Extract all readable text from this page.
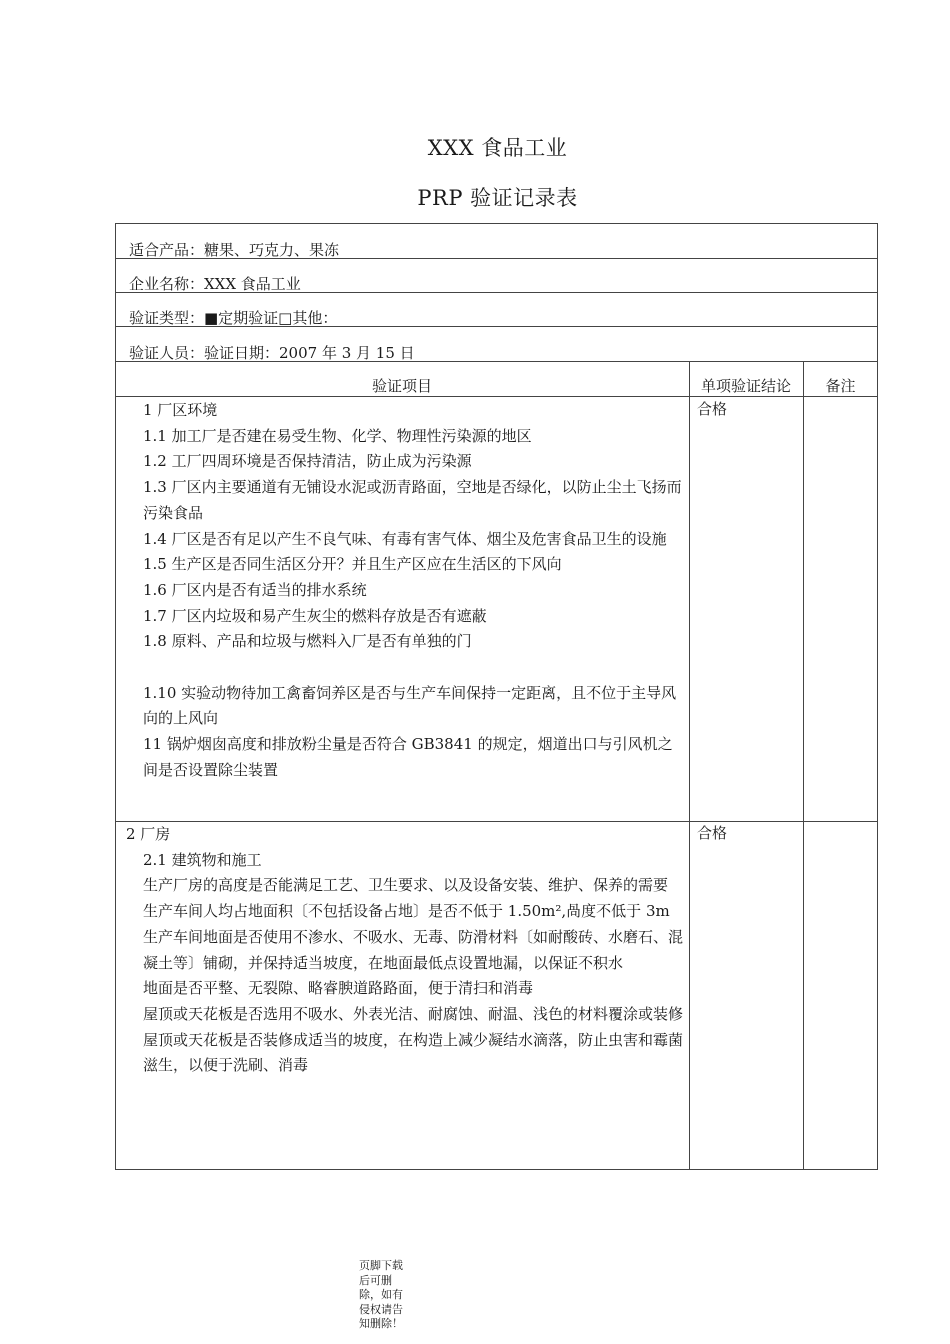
XXX 食品工业
PRP 验证记录表
适合产品：糖果、巧克力、果冻
企业名称：XXX 食品工业
验证类型：■定期验证□其他：
验证人员：验证日期：2007 年 3 月 15 日
验证项目	单项验证结论	备注

1 厂区环境

1.1 加工厂是否建在易受生物、化学、物理性污染源的地区

1.2 工厂四周环境是否保持清洁，防止成为污染源

1.3 厂区内主要通道有无铺设水泥或沥青路面，空地是否绿化，以防止尘土飞扬而污染食品

1.4 厂区是否有足以产生不良气味、有毒有害气体、烟尘及危害食品卫生的设施

1.5 生产区是否同生活区分开？并且生产区应在生活区的下风向

1.6 厂区内是否有适当的排水系统

1.7 厂区内垃圾和易产生灰尘的燃料存放是否有遮蔽

1.8 原料、产品和垃圾与燃料入厂是否有单独的门

1.10 实验动物待加工禽畜饲养区是否与生产车间保持一定距离，且不位于主导风向的上风向

11 锅炉烟囱高度和排放粉尘量是否符合 GB3841 的规定，烟道出口与引风机之间是否设置除尘装置

合格

2 厂房

2.1 建筑物和施工

生产厂房的高度是否能满足工艺、卫生要求、以及设备安装、维护、保养的需要

生产车间人均占地面积〔不包括设备占地〕是否不低于 1.50m²,咼度不低于 3m

生产车间地面是否使用不渗水、不吸水、无毒、防滑材料〔如耐酸砖、水磨石、混凝土等〕铺砌，并保持适当坡度，在地面最低点设置地漏，以保证不积水

地面是否平整、无裂隙、略睿腴道路路面，便于清扫和消毒

屋顶或天花板是否选用不吸水、外表光洁、耐腐蚀、耐温、浅色的材料覆涂或装修

屋顶或天花板是否装修成适当的坡度，在构造上减少凝结水滴落，防止虫害和霉菌滋生，以便于洗刷、消毒

合格
页脚下载后可删除，如有侵权请告知删除！
